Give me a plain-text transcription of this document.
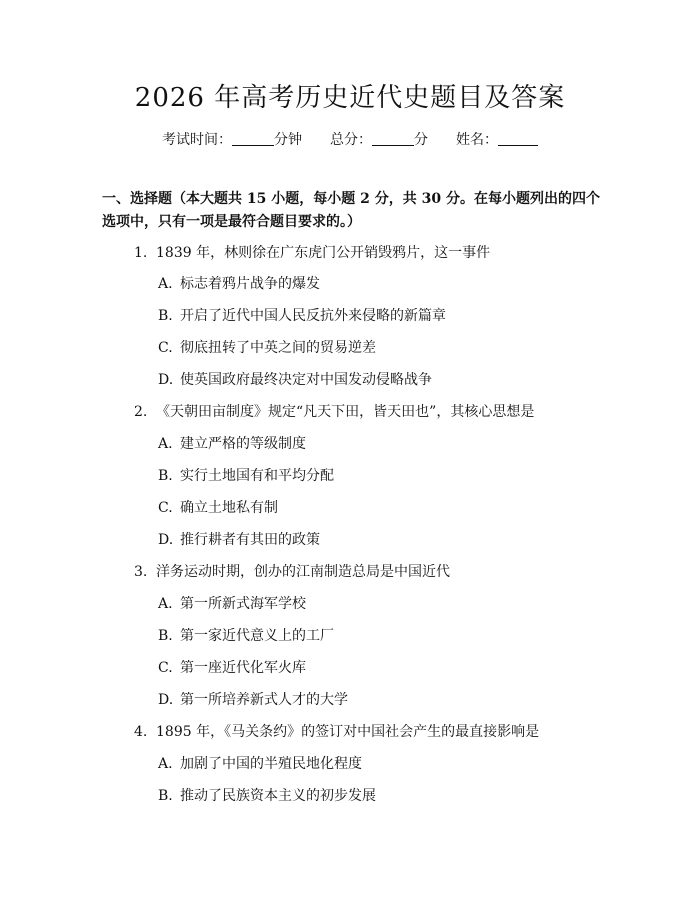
2026 年高考历史近代史题目及答案
考试时间：	分钟 总分：	分 姓名：
一、选择题（本大题共 15 小题，每小题 2 分，共 30 分。在每小题列出的四个选项中，只有一项是最符合题目要求的。）
1. 1839 年，林则徐在广东虎门公开销毁鸦片，这一事件
A. 标志着鸦片战争的爆发
B. 开启了近代中国人民反抗外来侵略的新篇章
C. 彻底扭转了中英之间的贸易逆差
D. 使英国政府最终决定对中国发动侵略战争
2. 《天朝田亩制度》规定“凡天下田，皆天田也”，其核心思想是
A. 建立严格的等级制度
B. 实行土地国有和平均分配
C. 确立土地私有制
D. 推行耕者有其田的政策
3. 洋务运动时期，创办的江南制造总局是中国近代
A. 第一所新式海军学校
B. 第一家近代意义上的工厂
C. 第一座近代化军火库
D. 第一所培养新式人才的大学
4. 1895 年，《马关条约》的签订对中国社会产生的最直接影响是
A. 加剧了中国的半殖民地化程度
B. 推动了民族资本主义的初步发展
